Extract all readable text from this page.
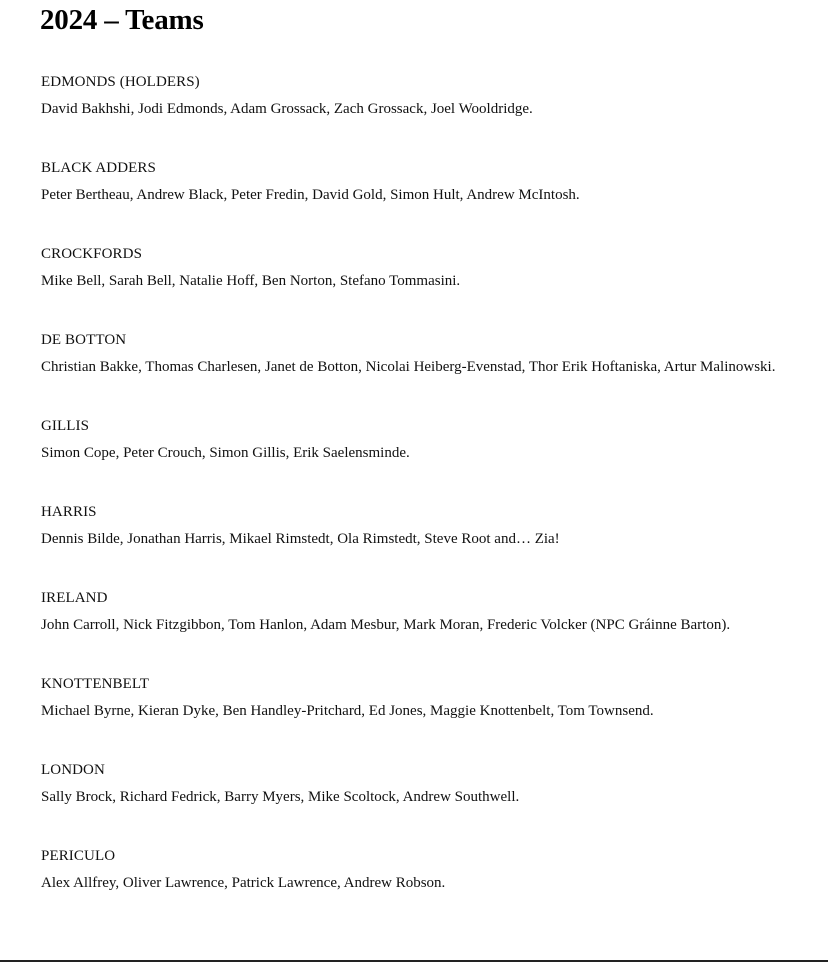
2024 – Teams
EDMONDS (HOLDERS)
David Bakhshi, Jodi Edmonds, Adam Grossack, Zach Grossack, Joel Wooldridge.
BLACK ADDERS
Peter Bertheau, Andrew Black, Peter Fredin, David Gold, Simon Hult, Andrew McIntosh.
CROCKFORDS
Mike Bell, Sarah Bell, Natalie Hoff, Ben Norton, Stefano Tommasini.
DE BOTTON
Christian Bakke, Thomas Charlesen, Janet de Botton, Nicolai Heiberg-Evenstad, Thor Erik Hoftaniska, Artur Malinowski.
GILLIS
Simon Cope, Peter Crouch, Simon Gillis, Erik Saelensminde.
HARRIS
Dennis Bilde, Jonathan Harris, Mikael Rimstedt, Ola Rimstedt, Steve Root and… Zia!
IRELAND
John Carroll, Nick Fitzgibbon, Tom Hanlon, Adam Mesbur, Mark Moran, Frederic Volcker (NPC Gráinne Barton).
KNOTTENBELT
Michael Byrne, Kieran Dyke, Ben Handley-Pritchard, Ed Jones, Maggie Knottenbelt, Tom Townsend.
LONDON
Sally Brock, Richard Fedrick, Barry Myers, Mike Scoltock, Andrew Southwell.
PERICULO
Alex Allfrey, Oliver Lawrence, Patrick Lawrence, Andrew Robson.
